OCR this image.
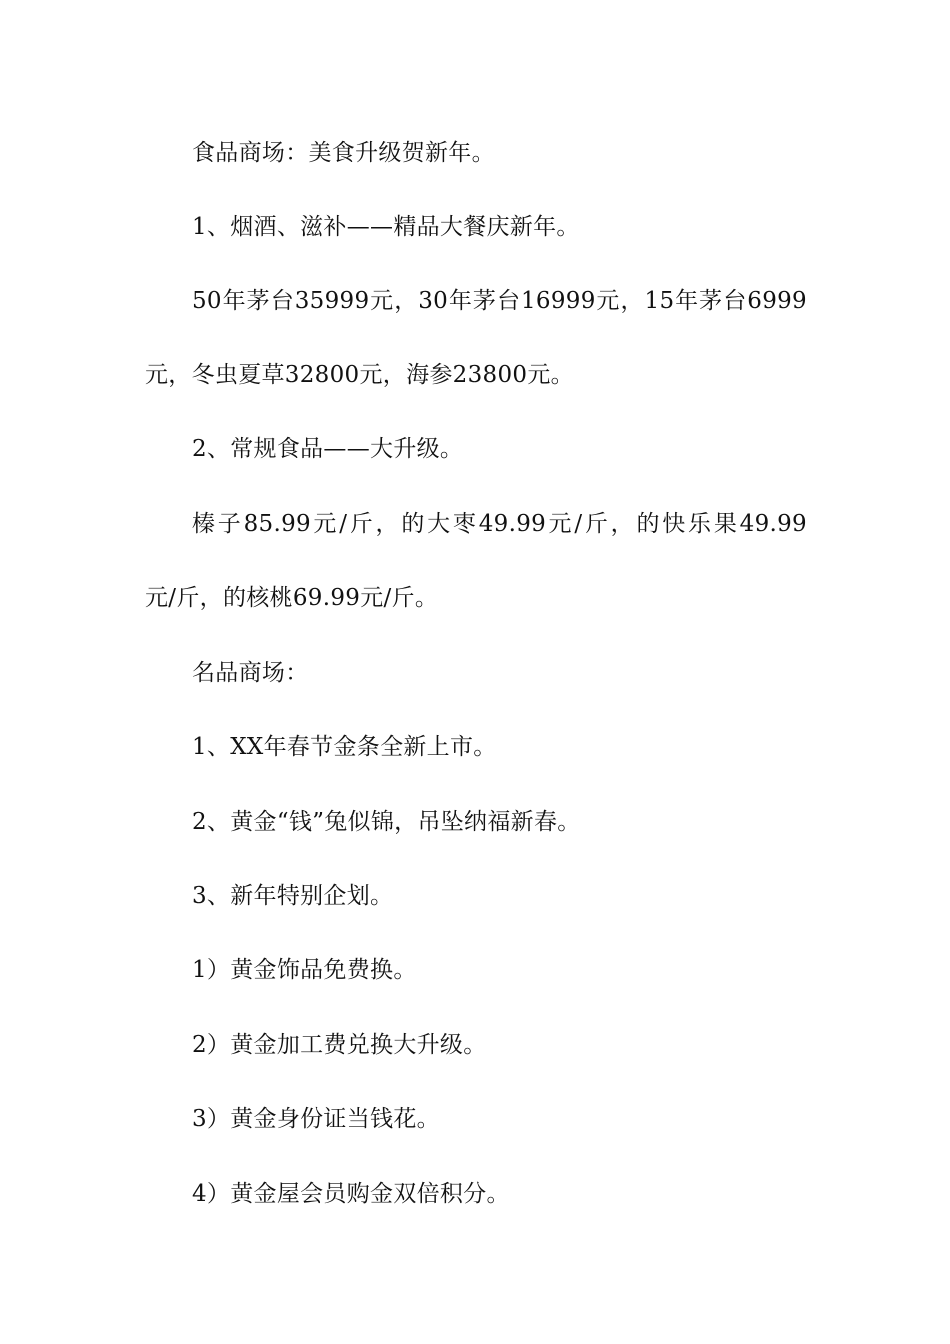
食品商场：美食升级贺新年。

1、烟酒、滋补——精品大餐庆新年。

50年茅台35999元，30年茅台16999元，15年茅台6999
元，冬虫夏草32800元，海参23800元。

2、常规食品——大升级。

榛子85.99元/斤，的大枣49.99元/斤，的快乐果49.99
元/斤，的核桃69.99元/斤。

名品商场：

1、XX年春节金条全新上市。

2、黄金“钱”兔似锦，吊坠纳福新春。

3、新年特别企划。

1）黄金饰品免费换。

2）黄金加工费兑换大升级。

3）黄金身份证当钱花。

4）黄金屋会员购金双倍积分。
